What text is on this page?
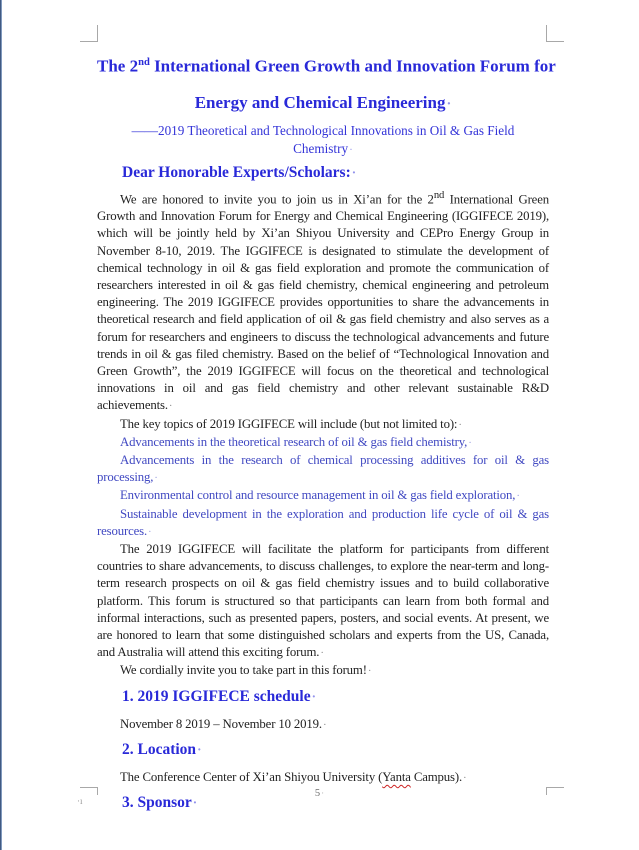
The 2nd International Green Growth and Innovation Forum for
Energy and Chemical Engineering ·
——2019 Theoretical and Technological Innovations in Oil & Gas Field
Chemistry ·
Dear Honorable Experts/Scholars: ·

We are honored to invite you to join us in Xi’an for the 2nd International Green Growth and Innovation Forum for Energy and Chemical Engineering (IGGIFECE 2019), which will be jointly held by Xi’an Shiyou University and CEPro Energy Group in November 8-10, 2019. The IGGIFECE is designated to stimulate the development of chemical technology in oil & gas field exploration and promote the communication of researchers interested in oil & gas field chemistry, chemical engineering and petroleum engineering. The 2019 IGGIFECE provides opportunities to share the advancements in theoretical research and field application of oil & gas field chemistry and also serves as a forum for researchers and engineers to discuss the technological advancements and future trends in oil & gas filed chemistry. Based on the belief of “Technological Innovation and Green Growth”, the 2019 IGGIFECE will focus on the theoretical and technological innovations in oil and gas field chemistry and other relevant sustainable R&D achievements. ·

The key topics of 2019 IGGIFECE will include (but not limited to): ·

Advancements in the theoretical research of oil & gas field chemistry, ·

Advancements in the research of chemical processing additives for oil & gas processing, ·

Environmental control and resource management in oil & gas field exploration, ·

Sustainable development in the exploration and production life cycle of oil & gas resources. ·

The 2019 IGGIFECE will facilitate the platform for participants from different countries to share advancements, to discuss challenges, to explore the near-term and long-term research prospects on oil & gas field chemistry issues and to build collaborative platform. This forum is structured so that participants can learn from both formal and informal interactions, such as presented papers, posters, and social events. At present, we are honored to learn that some distinguished scholars and experts from the US, Canada, and Australia will attend this exciting forum. ·

We cordially invite you to take part in this forum! ·

1. 2019 IGGIFECE schedule ·

November 8 2019 – November 10 2019. ·

2. Location ·

The Conference Center of Xi’an Shiyou University (Yanta Campus). ·

3. Sponsor ·
5 ·
·ı
